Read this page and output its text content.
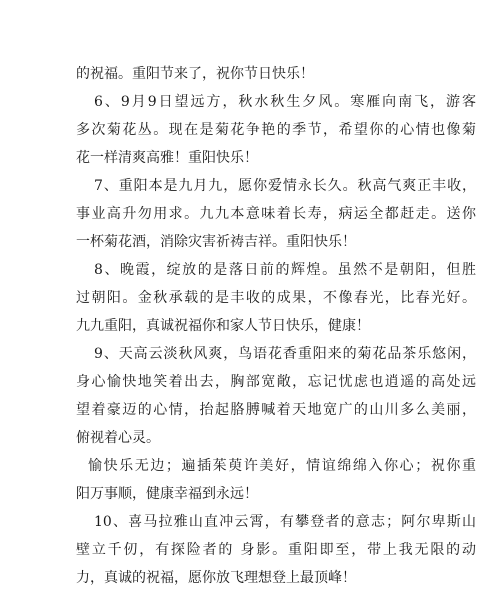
的祝福。重阳节来了，祝你节日快乐！
6、9月9日望远方，秋水秋生夕风。寒雁向南飞，游客
多次菊花丛。现在是菊花争艳的季节，希望你的心情也像菊
花一样清爽高雅！重阳快乐！
7、重阳本是九月九，愿你爱情永长久。秋高气爽正丰收，
事业高升勿用求。九九本意味着长寿，病运全都赶走。送你
一杯菊花酒，消除灾害祈祷吉祥。重阳快乐！
8、晚霞，绽放的是落日前的辉煌。虽然不是朝阳，但胜
过朝阳。金秋承载的是丰收的成果，不像春光，比春光好。
九九重阳，真诚祝福你和家人节日快乐，健康！
9、天高云淡秋风爽，鸟语花香重阳来的菊花品茶乐悠闲，
身心愉快地笑着出去，胸部宽敞，忘记忧虑也逍遥的高处远
望着豪迈的心情，抬起胳膊喊着天地宽广的山川多么美丽，
俯视着心灵。
愉快乐无边；遍插茱萸许美好，情谊绵绵入你心；祝你重
阳万事顺，健康幸福到永远！
10、喜马拉雅山直冲云霄，有攀登者的意志；阿尔卑斯山
壁立千仞，有探险者的 身影。重阳即至，带上我无限的动
力，真诚的祝福，愿你放飞理想登上最顶峰！
